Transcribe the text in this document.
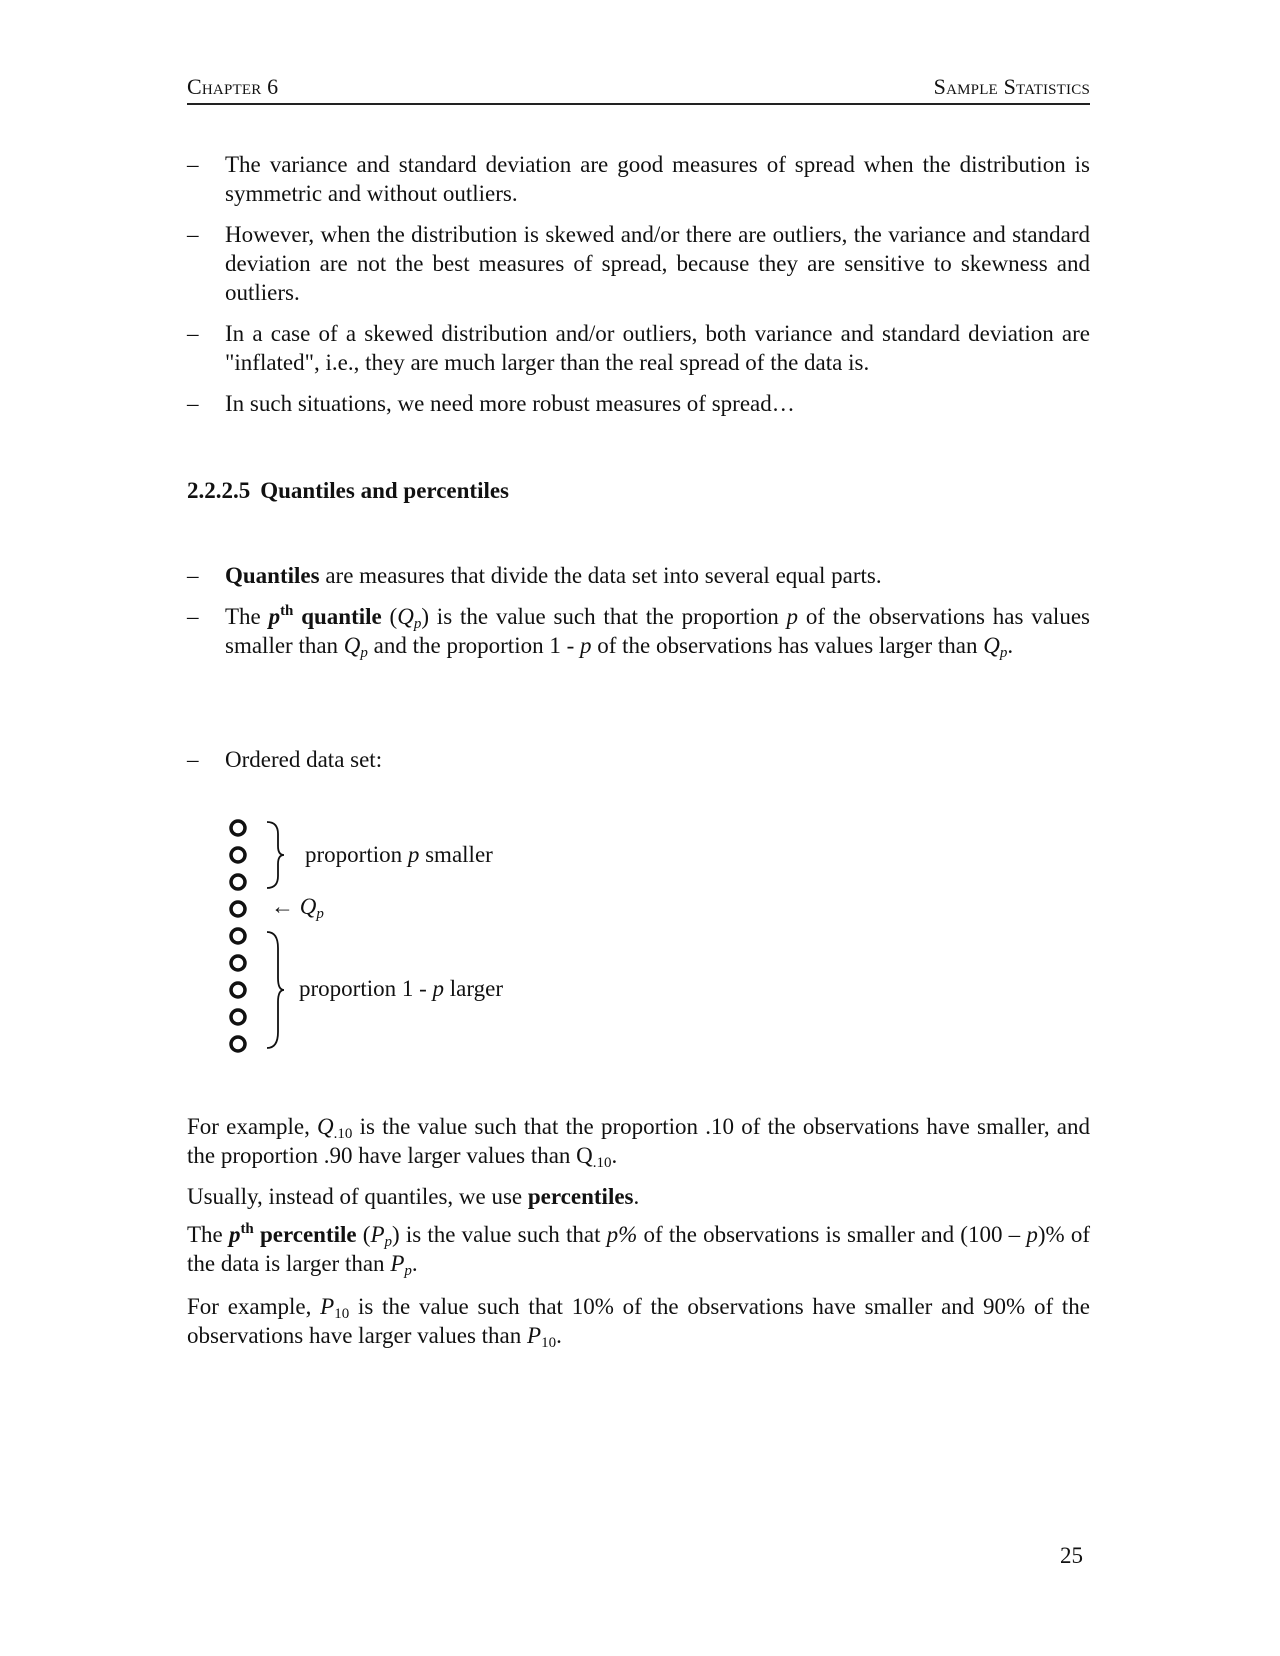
Chapter 6	Sample Statistics
– The variance and standard deviation are good measures of spread when the distribution is symmetric and without outliers.
– However, when the distribution is skewed and/or there are outliers, the variance and standard deviation are not the best measures of spread, because they are sensitive to skewness and outliers.
– In a case of a skewed distribution and/or outliers, both variance and standard deviation are "inflated", i.e., they are much larger than the real spread of the data is.
– In such situations, we need more robust measures of spread…
2.2.2.5 Quantiles and percentiles
– Quantiles are measures that divide the data set into several equal parts.
– The $p^{th}$ quantile $(Q_p)$ is the value such that the proportion p of the observations has values smaller than $Q_p$ and the proportion 1 - p of the observations has values larger than $Q_p$.
– Ordered data set:
proportion p smaller
← $Q_p$
proportion 1 - p larger

For example, $Q_{.10}$ is the value such that the proportion .10 of the observations have smaller, and the proportion .90 have larger values than $Q_{.10}$.

Usually, instead of quantiles, we use percentiles.

The $p^{th}$ percentile $(P_p)$ is the value such that p% of the observations is smaller and (100 – p)% of the data is larger than $P_p$.

For example, $P_{10}$ is the value such that 10% of the observations have smaller and 90% of the observations have larger values than $P_{10}$.

25
